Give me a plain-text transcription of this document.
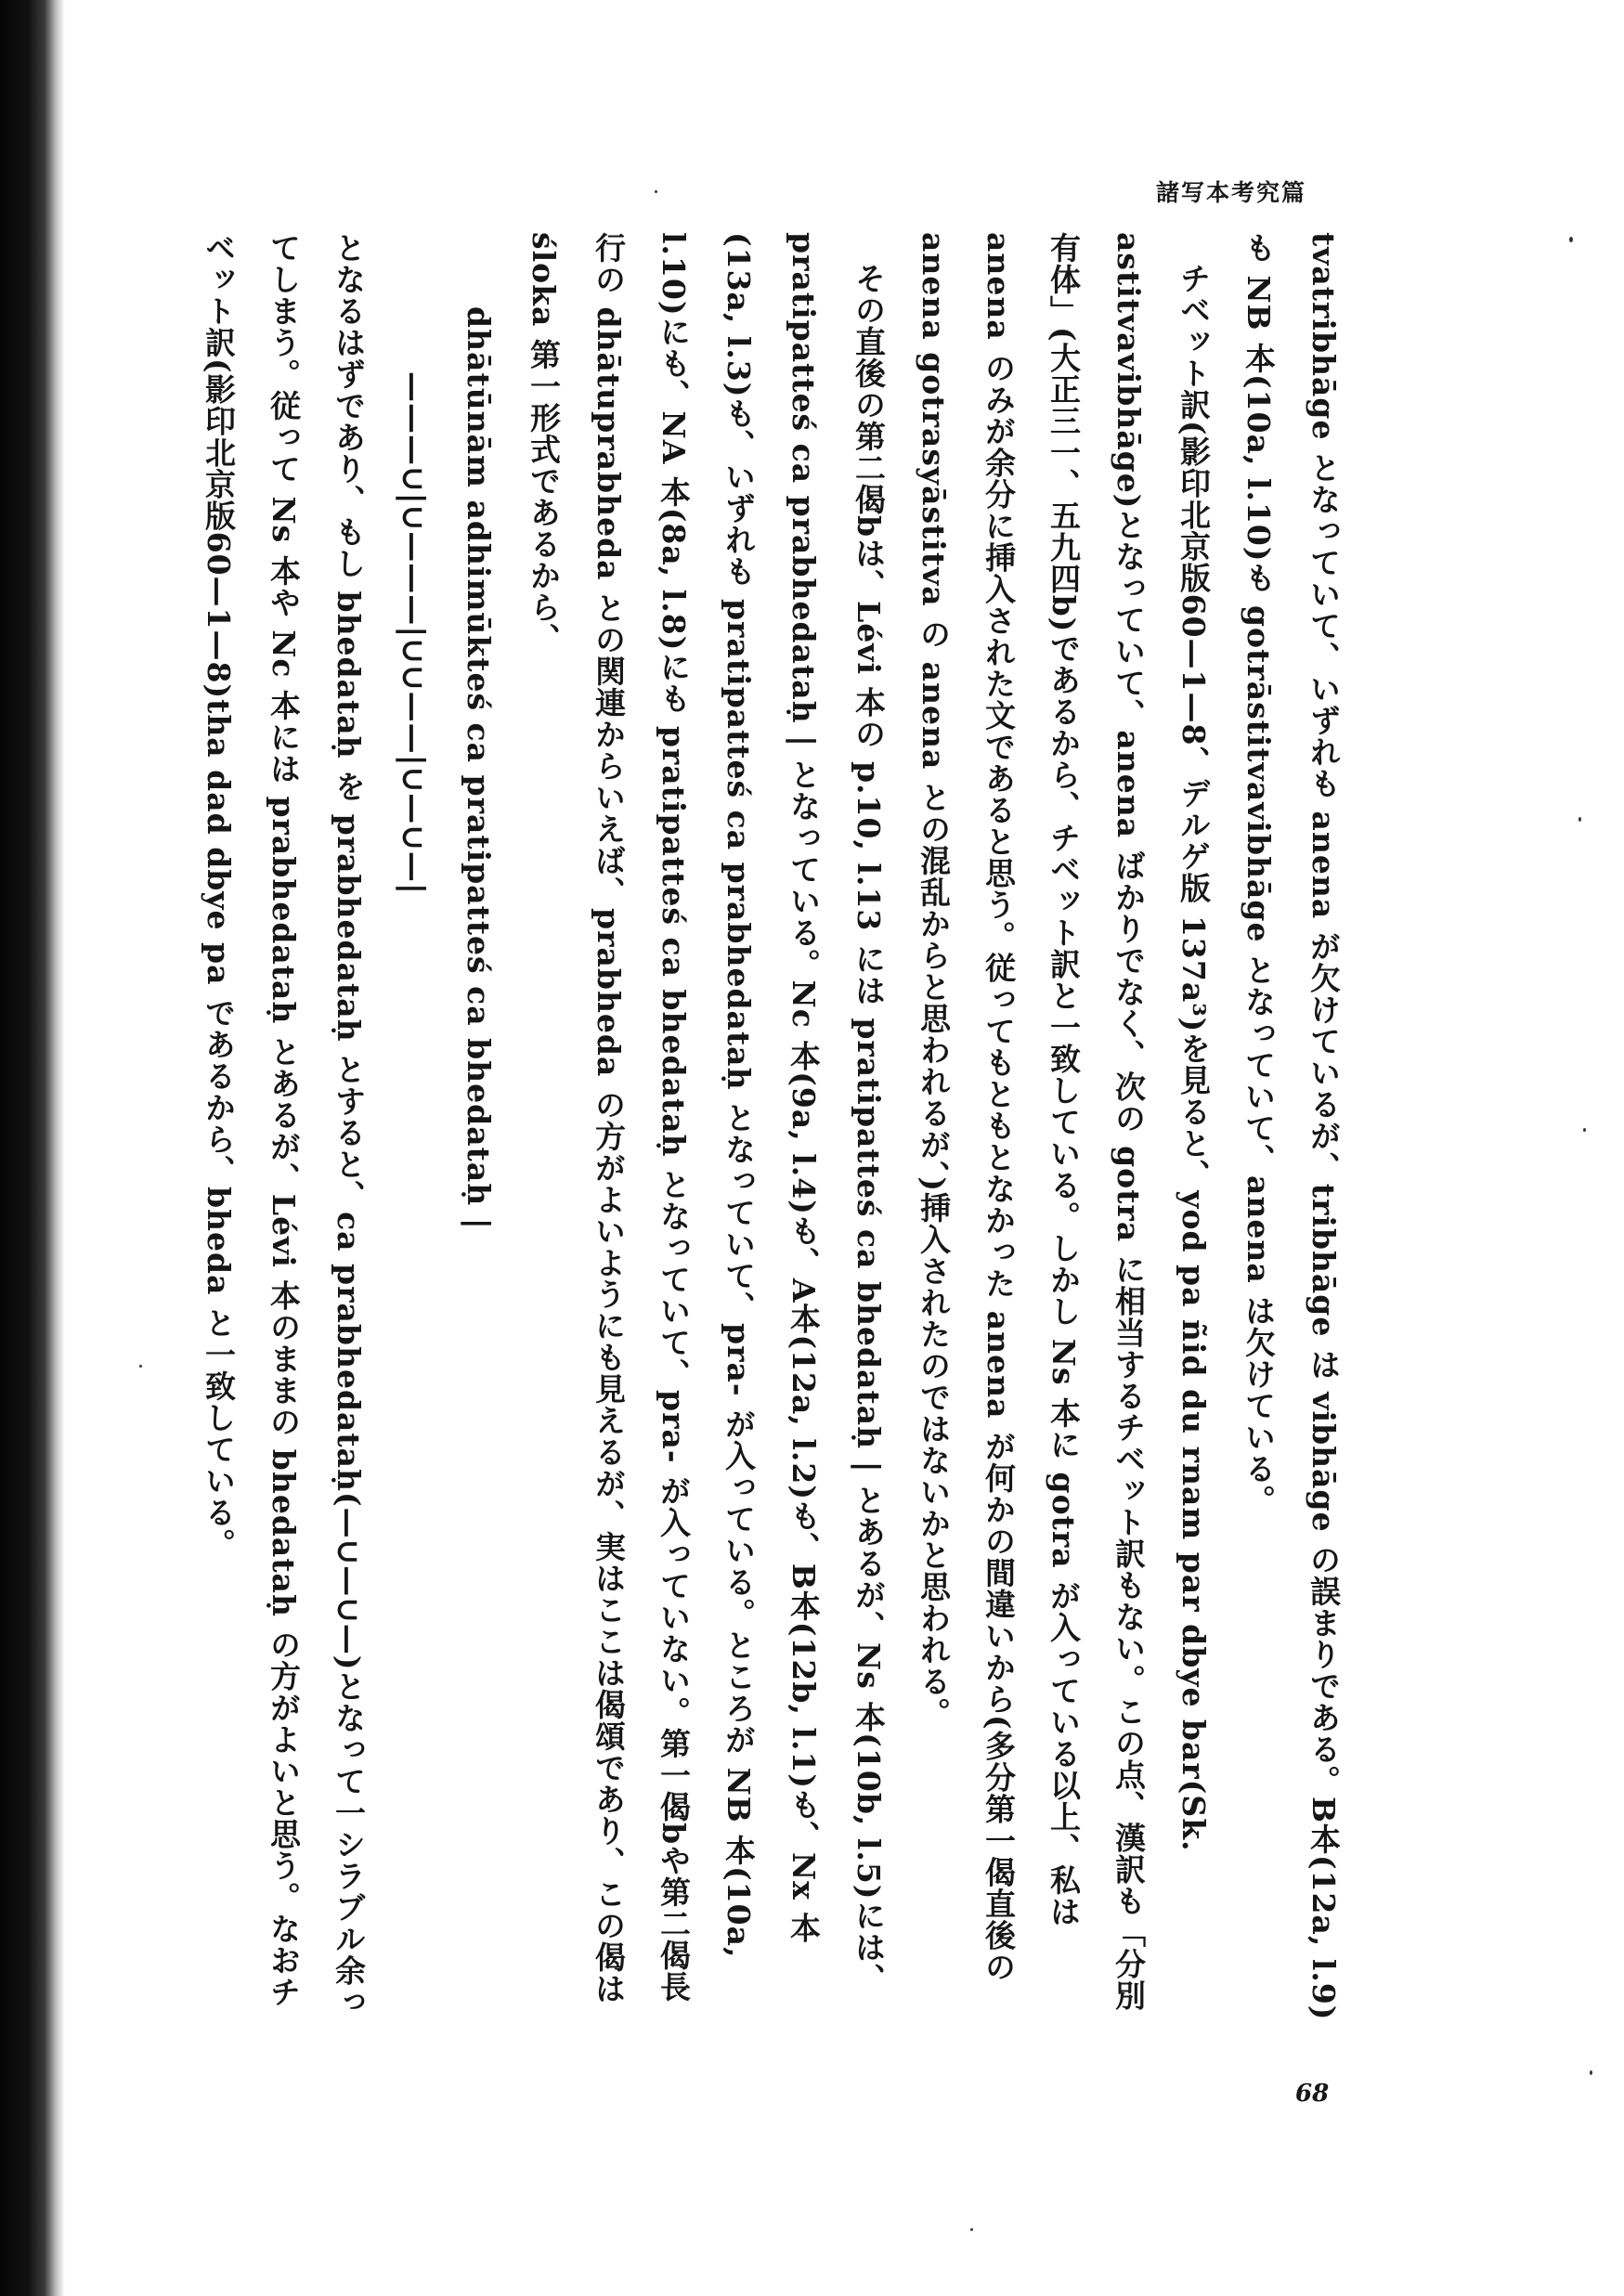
諸写本考究篇

tvatribhāge となっていて、いずれも anena が欠けているが、tribhāge は vibhāge の誤まりである。B本(12a, l.9)も NB 本(10a, l.10)も gotrāstitvavibhāge となっていて、anena は欠けている。

チベット訳(影印北京版60—1—8、デルゲ版 137a³)を見ると、yod pa ñid du rnam par dbye bar(Sk. astitvavibhāge)となっていて、anena ばかりでなく、次の gotra に相当するチベット訳もない。この点、漢訳も「分別有体」(大正三一、五九四b)であるから、チベット訳と一致している。しかし Ns 本に gotra が入っている以上、私は anena のみが余分に挿入された文であると思う。従ってもともとなかった anena が何かの間違いから(多分第一偈直後の anena gotrasyāstitva の anena との混乱からと思われるが、)挿入されたのではないかと思われる。

その直後の第二偈bは、Lévi 本の p.10, l.13 には pratipatteś ca bhedataḥ | とあるが、Ns 本(10b, l.5)には、pratipatteś ca prabhedataḥ | となっている。Nc 本(9a, l.4)も、A本(12a, l.2)も、B本(12b, l.1)も、Nx 本(13a, l.3)も、いずれも pratipatteś ca prabhedataḥ となっていて、pra- が入っている。ところが NB 本(10a, l.10)にも、NA 本(8a, l.8)にも pratipatteś ca bhedataḥ となっていて、pra- が入っていない。第一偈bや第二偈長行の dhātuprabheda との関連からいえば、prabheda の方がよいようにも見えるが、実はここは偈頌であり、この偈は śloka 第一形式であるから、

dhātūnām adhimūkteś ca pratipatteś ca bhedataḥ |

———∪|∪———|∪∪——|∪—∪—|

となるはずであり、もし bhedataḥ を prabhedataḥ とすると、ca prabhedataḥ(—∪—∪—)となって一シラブル余ってしまう。従って Ns 本や Nc 本には prabhedataḥ とあるが、Lévi 本のままの bhedataḥ の方がよいと思う。なおチベット訳(影印北京版60—1—8)tha dad dbye pa であるから、bheda と一致している。

68
